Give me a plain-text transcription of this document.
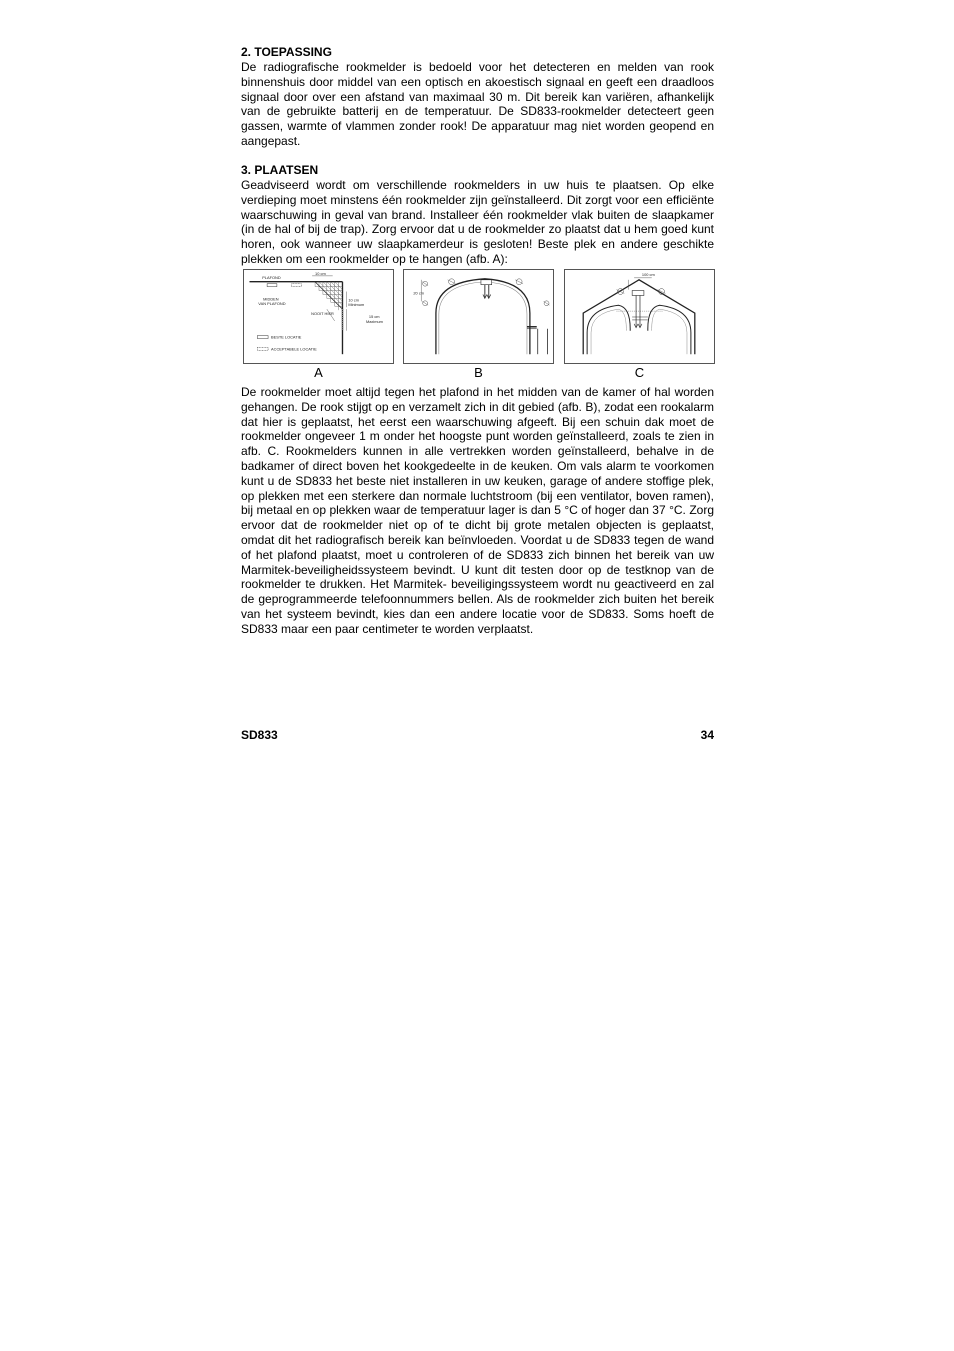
2. TOEPASSING

De radiografische rookmelder is bedoeld voor het detecteren en melden van rook binnenshuis door middel van een optisch en akoestisch signaal en geeft een draadloos signaal door over een afstand van maximaal 30 m. Dit bereik kan variëren, afhankelijk van de gebruikte batterij en de temperatuur. De SD833-rookmelder detecteert geen gassen, warmte of vlammen zonder rook! De apparatuur mag niet worden geopend en aangepast.

3. PLAATSEN

Geadviseerd wordt om verschillende rookmelders in uw huis te plaatsen. Op elke verdieping moet minstens één rookmelder zijn geïnstalleerd. Dit zorgt voor een efficiënte waarschuwing in geval van brand. Installeer één rookmelder vlak buiten de slaapkamer (in de hal of bij de trap). Zorg ervoor dat u de rookmelder zo plaatst dat u hem goed kunt horen, ook wanneer uw slaapkamerdeur is gesloten! Beste plek en andere geschikte plekken om een rookmelder op te hangen (afb. A):

PLAFOND
10 cm
MIDDEN
VAN PLAFOND
NOOIT HIER
10 cm
Minimum
15 cm
Maximum
BESTE LOCATIE
ACCEPTABELE LOCATIE
A
20 cm
B
100 cm
C

De rookmelder moet altijd tegen het plafond in het midden van de kamer of hal worden gehangen. De rook stijgt op en verzamelt zich in dit gebied (afb. B), zodat een rookalarm dat hier is geplaatst, het eerst een waarschuwing afgeeft. Bij een schuin dak moet de rookmelder ongeveer 1 m onder het hoogste punt worden geïnstalleerd, zoals te zien in afb. C. Rookmelders kunnen in alle vertrekken worden geïnstalleerd, behalve in de badkamer of direct boven het kookgedeelte in de keuken. Om vals alarm te voorkomen kunt u de SD833 het beste niet installeren in uw keuken, garage of andere stoffige plek, op plekken met een sterkere dan normale luchtstroom (bij een ventilator, boven ramen), bij metaal en op plekken waar de temperatuur lager is dan 5 °C of hoger dan 37 °C. Zorg ervoor dat de rookmelder niet op of te dicht bij grote metalen objecten is geplaatst, omdat dit het radiografisch bereik kan beïnvloeden. Voordat u de SD833 tegen de wand of het plafond plaatst, moet u controleren of de SD833 zich binnen het bereik van uw Marmitek-beveiligheidssysteem bevindt. U kunt dit testen door op de testknop van de rookmelder te drukken. Het Marmitek- beveiligingssysteem wordt nu geactiveerd en zal de geprogrammeerde telefoonnummers bellen. Als de rookmelder zich buiten het bereik van het systeem bevindt, kies dan een andere locatie voor de SD833. Soms hoeft de SD833 maar een paar centimeter te worden verplaatst.

SD833	34
